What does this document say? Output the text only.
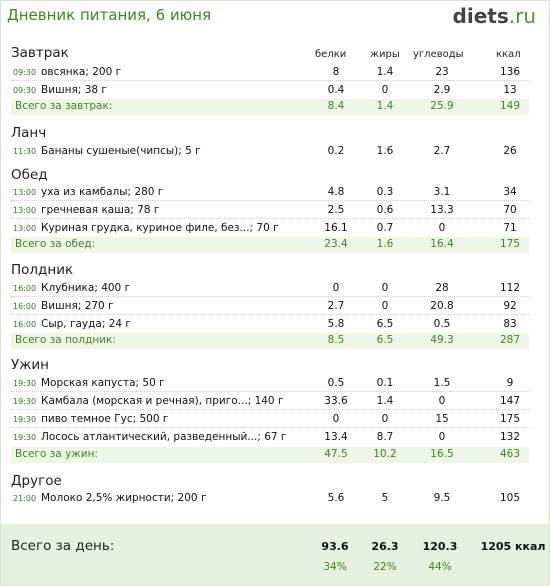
Дневник питания, 6 июня	diets.ru
белки жиры углеводы	ккал
Завтрак
09:30 овсянка; 200 г	8	1.4	23	136
09:30 Вишня; 38 г	0.4	0	2.9	13
Всего за завтрак:	8.4	1.4	25.9	149
Ланч
11:30 Бананы сушеные(чипсы); 5 г	0.2	1.6	2.7	26
Обед
13:00 уха из камбалы; 280 г	4.8	0.3	3.1	34
13:00 гречневая каша; 78 г	2.5	0.6	13.3	70
13:00 Куриная грудка, куриное филе, без...; 70 г	16.1	0.7	0	71
Всего за обед:	23.4	1.6	16.4	175
Полдник
16:00 Клубника; 400 г	0	0	28	112
16:00 Вишня; 270 г	2.7	0	20.8	92
16:00 Сыр, гауда; 24 г	5.8	6.5	0.5	83
Всего за полдник:	8.5	6.5	49.3	287
Ужин
19:30 Морская капуста; 50 г	0.5	0.1	1.5	9
19:30 Камбала (морская и речная), приго...; 140 г	33.6	1.4	0	147
19:30 пиво темное Гус; 500 г	0	0	15	175
19:30 Лосось атлантический, разведенный...; 67 г	13.4	8.7	0	132
Всего за ужин:	47.5	10.2	16.5	463
Другое
21:00 Молоко 2,5% жирности; 200 г	5.6	5	9.5	105
Всего за день:	93.6	26.3	120.3	1205 ккал
34%	22%	44%
